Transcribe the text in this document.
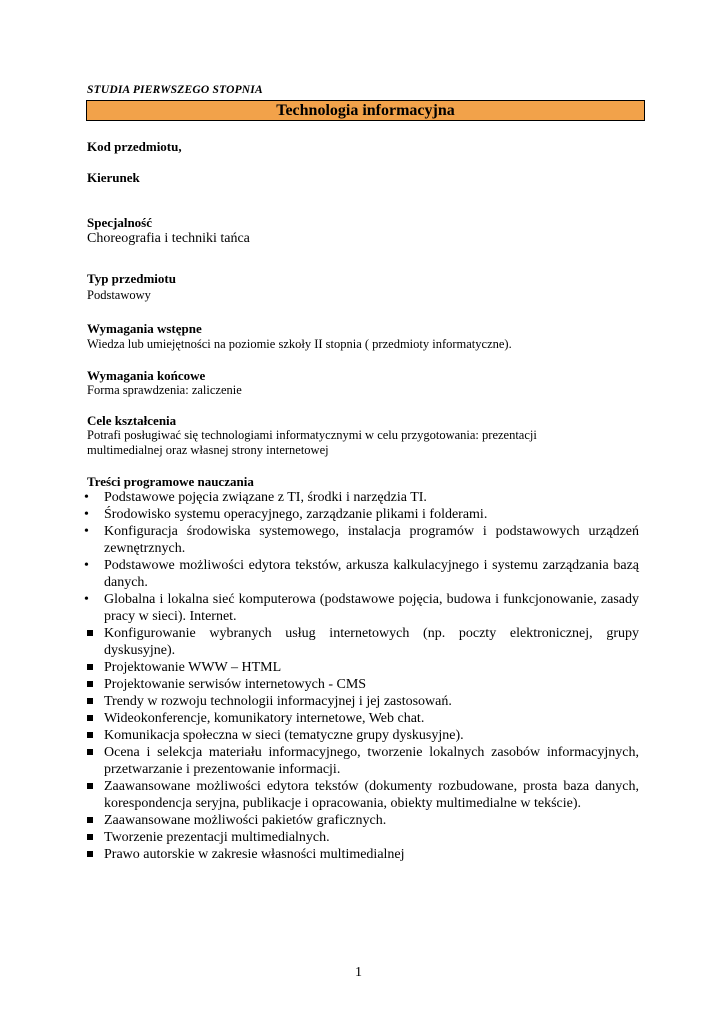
STUDIA PIERWSZEGO STOPNIA
Technologia informacyjna
Kod przedmiotu,
Kierunek
Specjalność
Choreografia i techniki tańca
Typ przedmiotu
Podstawowy
Wymagania wstępne
Wiedza lub umiejętności na poziomie szkoły II stopnia ( przedmioty informatyczne).
Wymagania końcowe
Forma sprawdzenia: zaliczenie
Cele kształcenia
Potrafi posługiwać się technologiami informatycznymi w celu przygotowania: prezentacji multimedialnej oraz własnej strony internetowej
Treści programowe nauczania
•	Podstawowe pojęcia związane z TI, środki i narzędzia TI.
•	Środowisko systemu operacyjnego, zarządzanie plikami i folderami.
•	Konfiguracja środowiska systemowego, instalacja programów i podstawowych urządzeń zewnętrznych.
•	Podstawowe możliwości edytora tekstów, arkusza kalkulacyjnego i systemu zarządzania bazą danych.
•	Globalna i lokalna sieć komputerowa (podstawowe pojęcia, budowa i funkcjonowanie, zasady pracy w sieci). Internet.
Konfigurowanie wybranych usług internetowych (np. poczty elektronicznej, grupy dyskusyjne).
Projektowanie WWW – HTML
Projektowanie serwisów internetowych - CMS
Trendy w rozwoju technologii informacyjnej i jej zastosowań.
Wideokonferencje, komunikatory internetowe, Web chat.
Komunikacja społeczna w sieci (tematyczne grupy dyskusyjne).
Ocena i selekcja materiału informacyjnego, tworzenie lokalnych zasobów informacyjnych, przetwarzanie i prezentowanie informacji.
Zaawansowane możliwości edytora tekstów (dokumenty rozbudowane, prosta baza danych, korespondencja seryjna, publikacje i opracowania, obiekty multimedialne w tekście).
Zaawansowane możliwości pakietów graficznych.
Tworzenie prezentacji multimedialnych.
Prawo autorskie w zakresie własności multimedialnej
1
